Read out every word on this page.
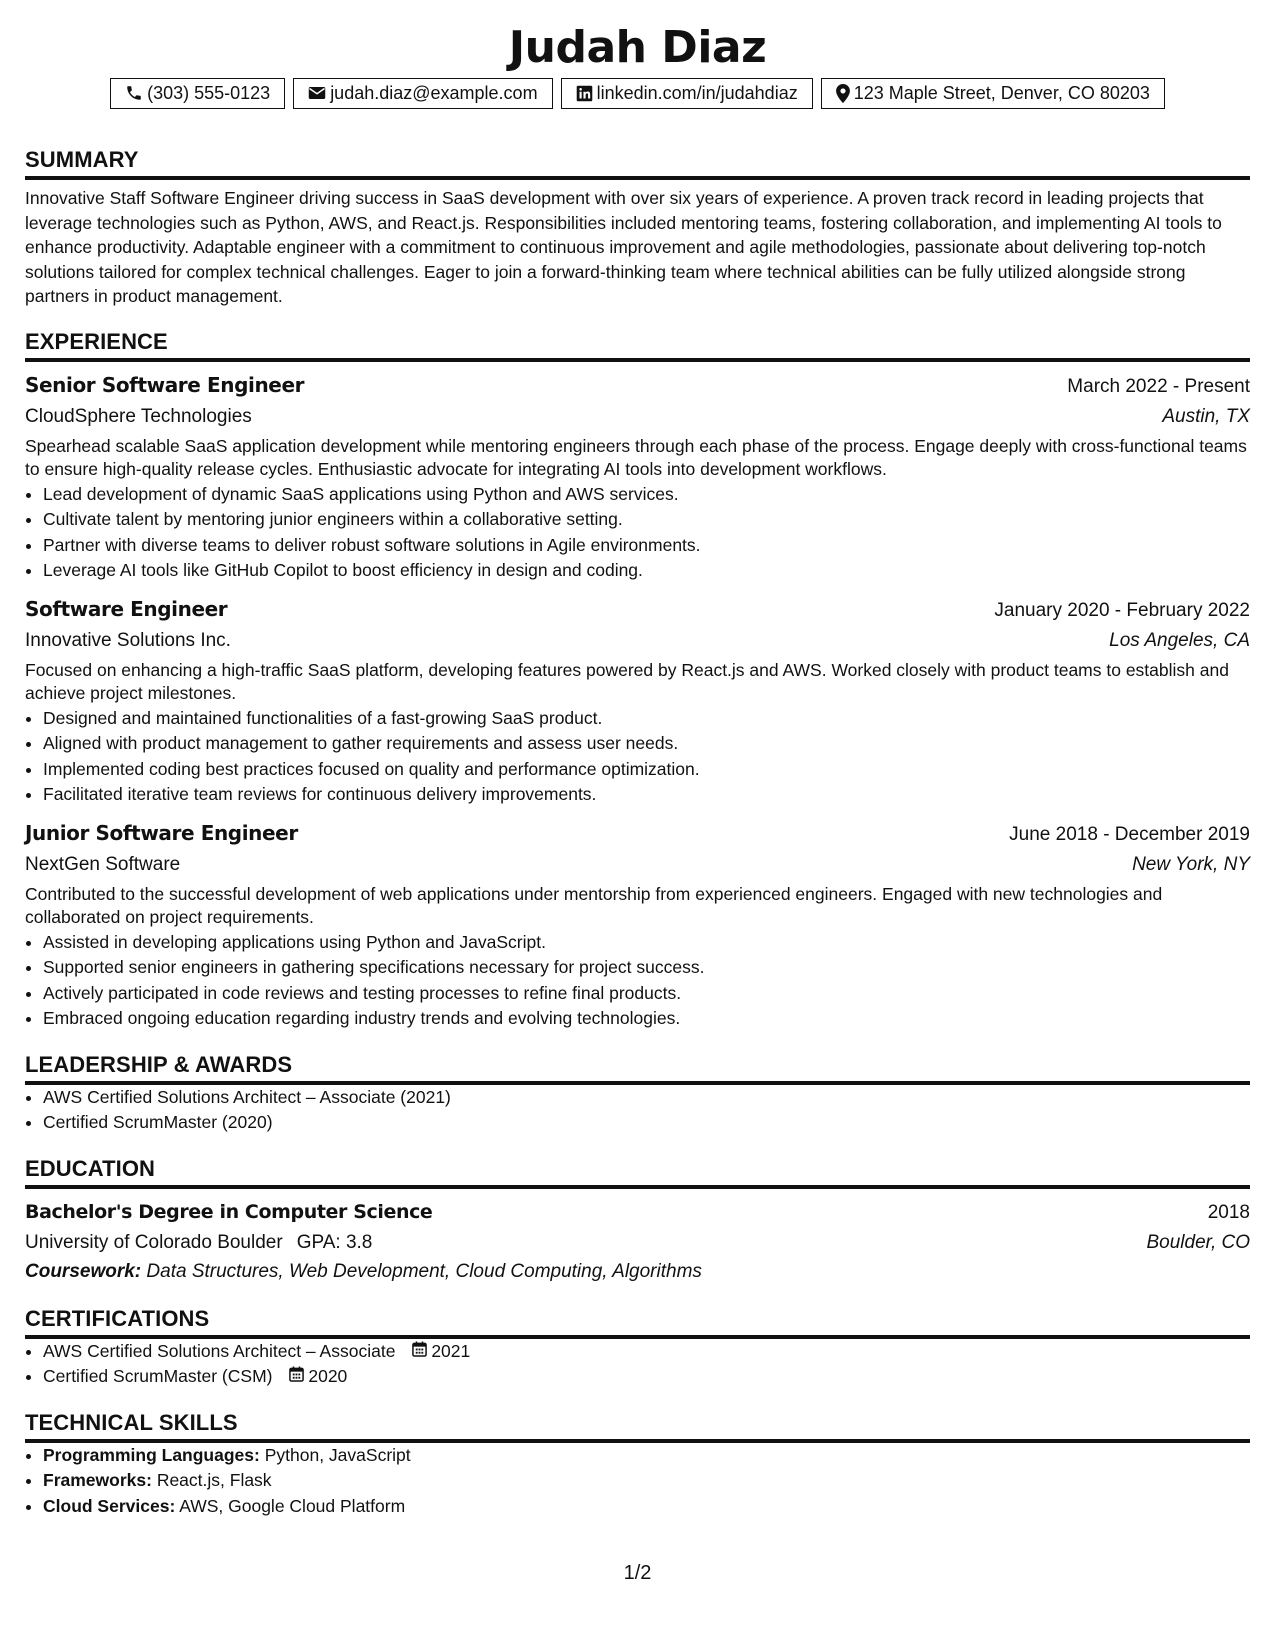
Judah Diaz
(303) 555-0123	judah.diaz@example.com	linkedin.com/in/judahdiaz	123 Maple Street, Denver, CO 80203
SUMMARY
Innovative Staff Software Engineer driving success in SaaS development with over six years of experience. A proven track record in leading projects that leverage technologies such as Python, AWS, and React.js. Responsibilities included mentoring teams, fostering collaboration, and implementing AI tools to enhance productivity. Adaptable engineer with a commitment to continuous improvement and agile methodologies, passionate about delivering top-notch solutions tailored for complex technical challenges. Eager to join a forward-thinking team where technical abilities can be fully utilized alongside strong partners in product management.
EXPERIENCE
Senior Software Engineer	March 2022 - Present
CloudSphere Technologies	Austin, TX
Spearhead scalable SaaS application development while mentoring engineers through each phase of the process. Engage deeply with cross-functional teams to ensure high-quality release cycles. Enthusiastic advocate for integrating AI tools into development workflows.
• Lead development of dynamic SaaS applications using Python and AWS services.
• Cultivate talent by mentoring junior engineers within a collaborative setting.
• Partner with diverse teams to deliver robust software solutions in Agile environments.
• Leverage AI tools like GitHub Copilot to boost efficiency in design and coding.
Software Engineer	January 2020 - February 2022
Innovative Solutions Inc.	Los Angeles, CA
Focused on enhancing a high-traffic SaaS platform, developing features powered by React.js and AWS. Worked closely with product teams to establish and achieve project milestones.
• Designed and maintained functionalities of a fast-growing SaaS product.
• Aligned with product management to gather requirements and assess user needs.
• Implemented coding best practices focused on quality and performance optimization.
• Facilitated iterative team reviews for continuous delivery improvements.
Junior Software Engineer	June 2018 - December 2019
NextGen Software	New York, NY
Contributed to the successful development of web applications under mentorship from experienced engineers. Engaged with new technologies and collaborated on project requirements.
• Assisted in developing applications using Python and JavaScript.
• Supported senior engineers in gathering specifications necessary for project success.
• Actively participated in code reviews and testing processes to refine final products.
• Embraced ongoing education regarding industry trends and evolving technologies.
LEADERSHIP & AWARDS
• AWS Certified Solutions Architect – Associate (2021)
• Certified ScrumMaster (2020)
EDUCATION
Bachelor's Degree in Computer Science	2018
University of Colorado Boulder GPA: 3.8	Boulder, CO
Coursework: Data Structures, Web Development, Cloud Computing, Algorithms
CERTIFICATIONS
• AWS Certified Solutions Architect – Associate 2021
• Certified ScrumMaster (CSM) 2020
TECHNICAL SKILLS
• Programming Languages: Python, JavaScript
• Frameworks: React.js, Flask
• Cloud Services: AWS, Google Cloud Platform
1/2
